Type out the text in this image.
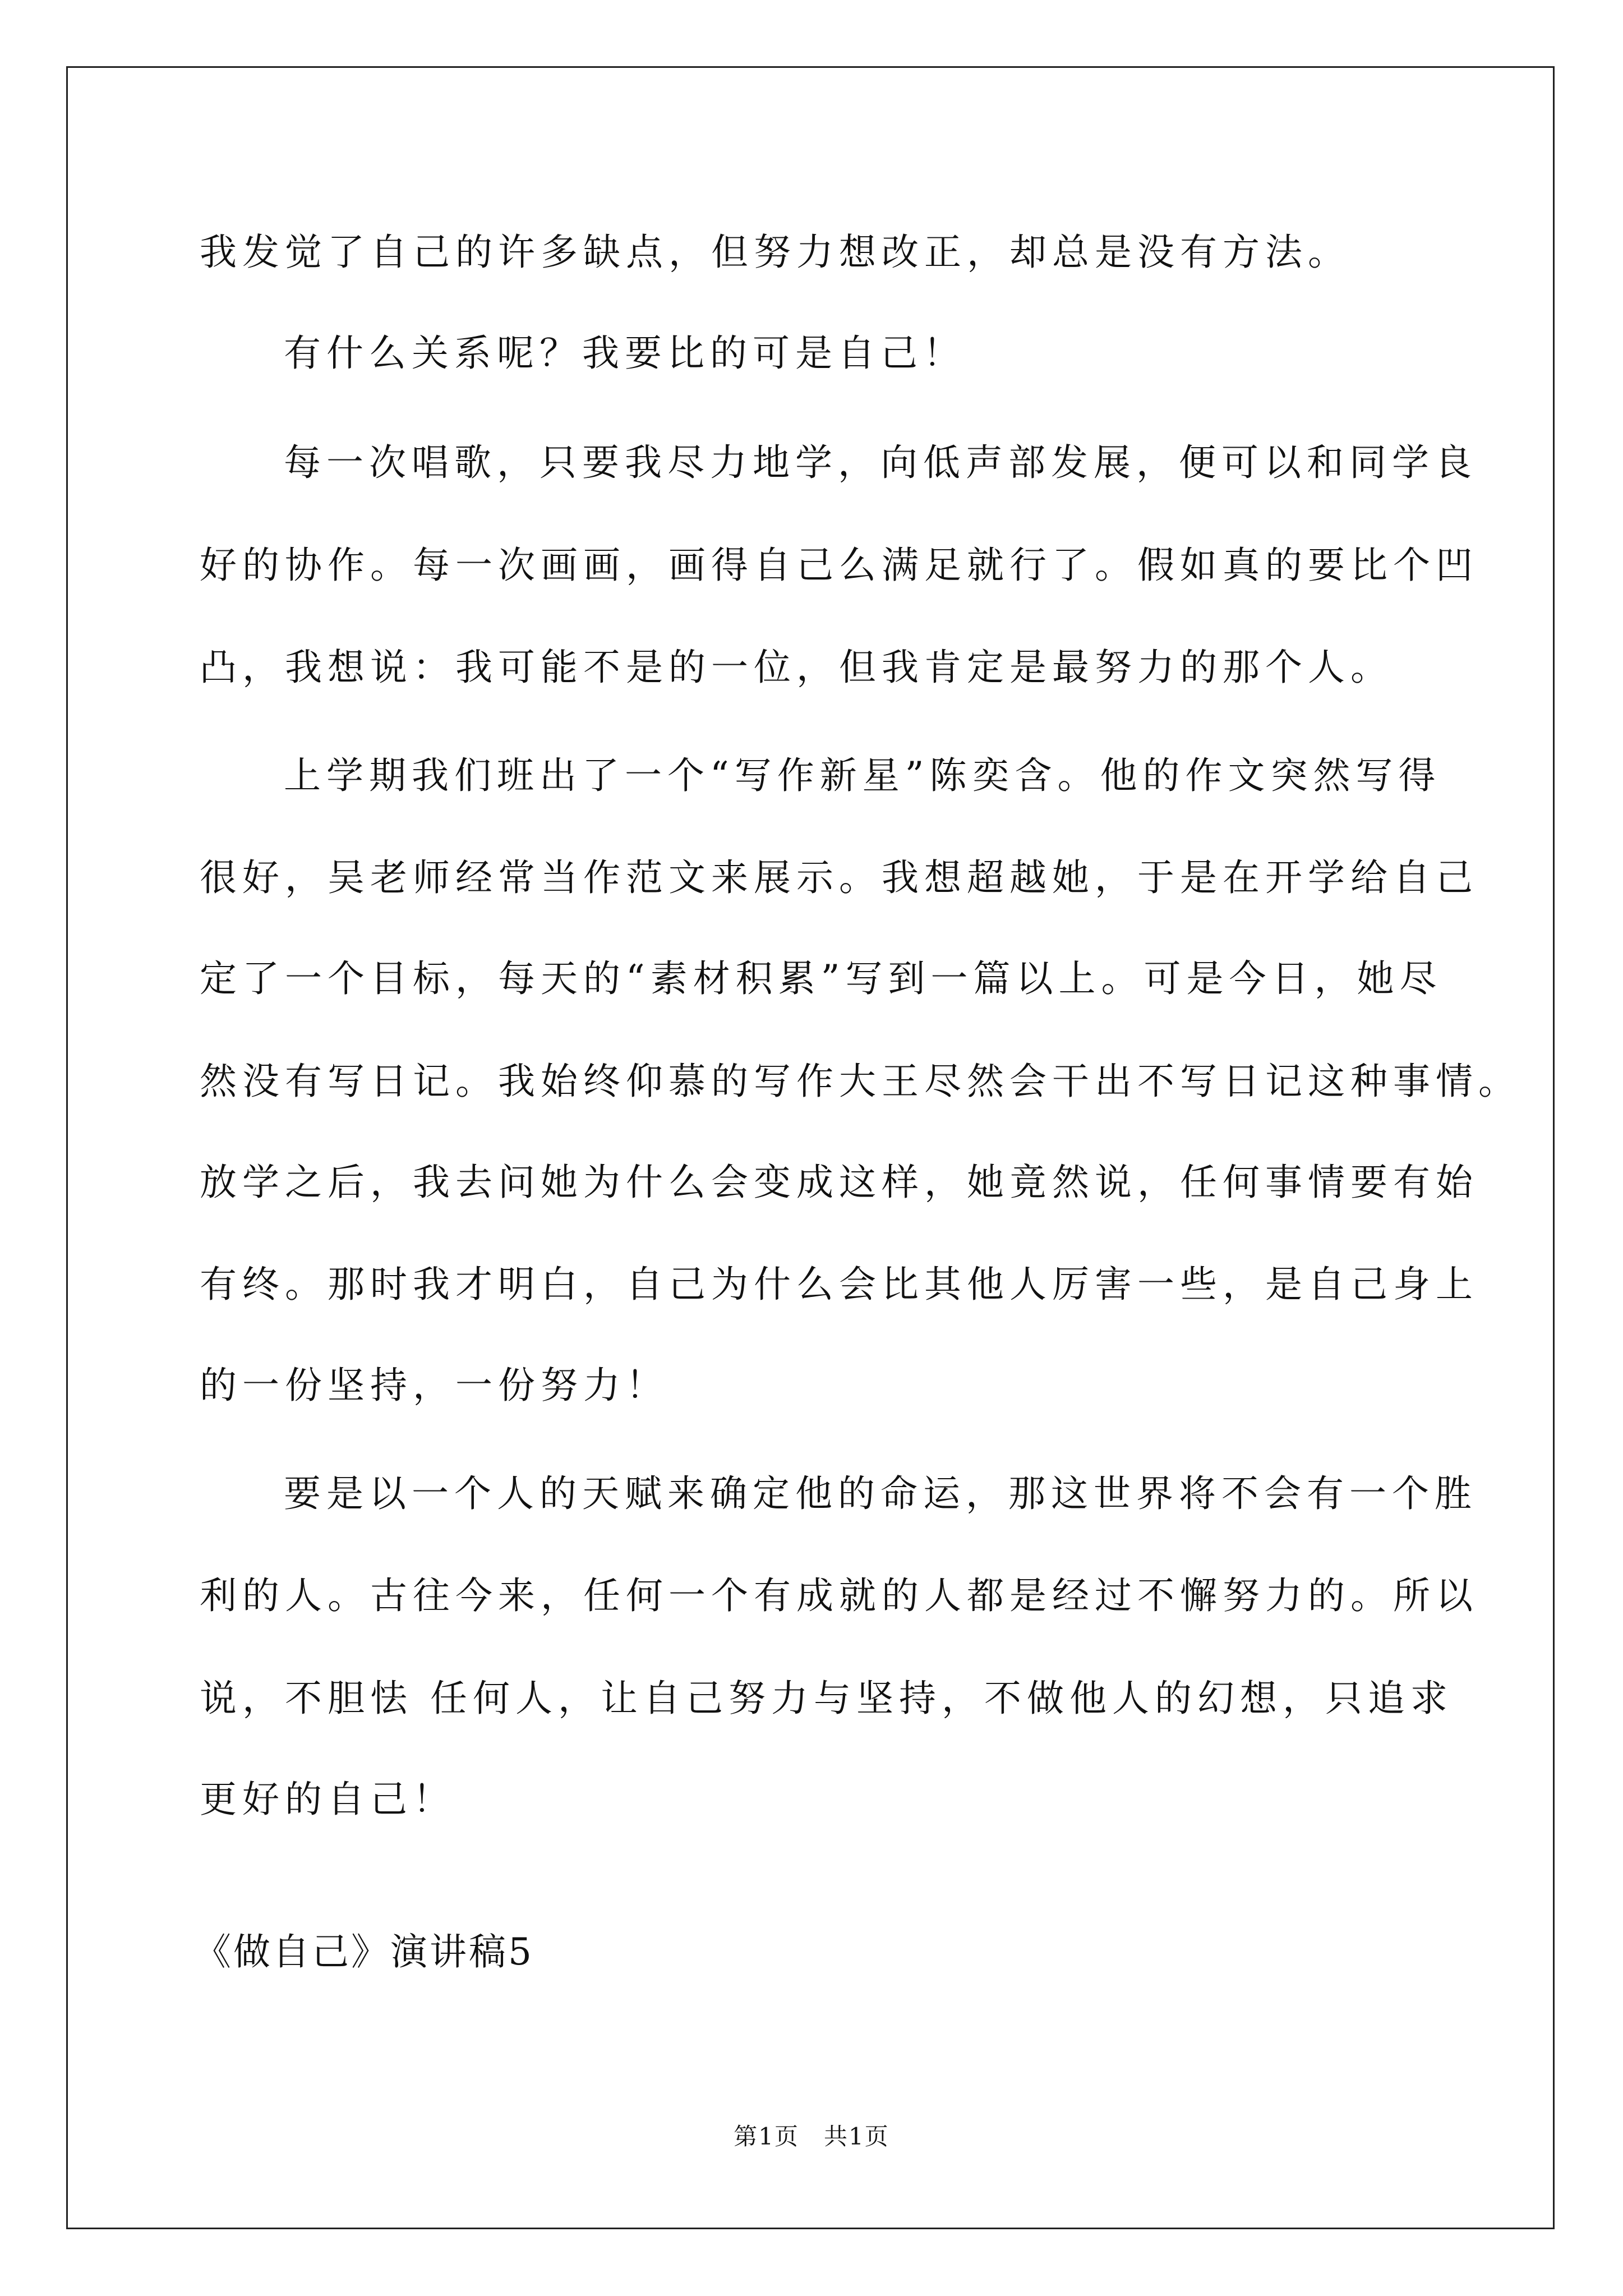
我发觉了自己的许多缺点，但努力想改正，却总是没有方法。
有什么关系呢？我要比的可是自己！
每一次唱歌，只要我尽力地学，向低声部发展，便可以和同学良
好的协作。每一次画画，画得自己么满足就行了。假如真的要比个凹
凸，我想说：我可能不是的一位，但我肯定是最努力的那个人。
上学期我们班出了一个“写作新星”陈奕含。他的作文突然写得
很好，吴老师经常当作范文来展示。我想超越她，于是在开学给自己
定了一个目标，每天的“素材积累”写到一篇以上。可是今日，她尽
然没有写日记。我始终仰慕的写作大王尽然会干出不写日记这种事情。
放学之后，我去问她为什么会变成这样，她竟然说，任何事情要有始
有终。那时我才明白，自己为什么会比其他人厉害一些，是自己身上
的一份坚持，一份努力！
要是以一个人的天赋来确定他的命运，那这世界将不会有一个胜
利的人。古往今来，任何一个有成就的人都是经过不懈努力的。所以
说，不胆怯 任何人，让自己努力与坚持，不做他人的幻想，只追求
更好的自己！
《做自己》演讲稿5
第1页　共1页
